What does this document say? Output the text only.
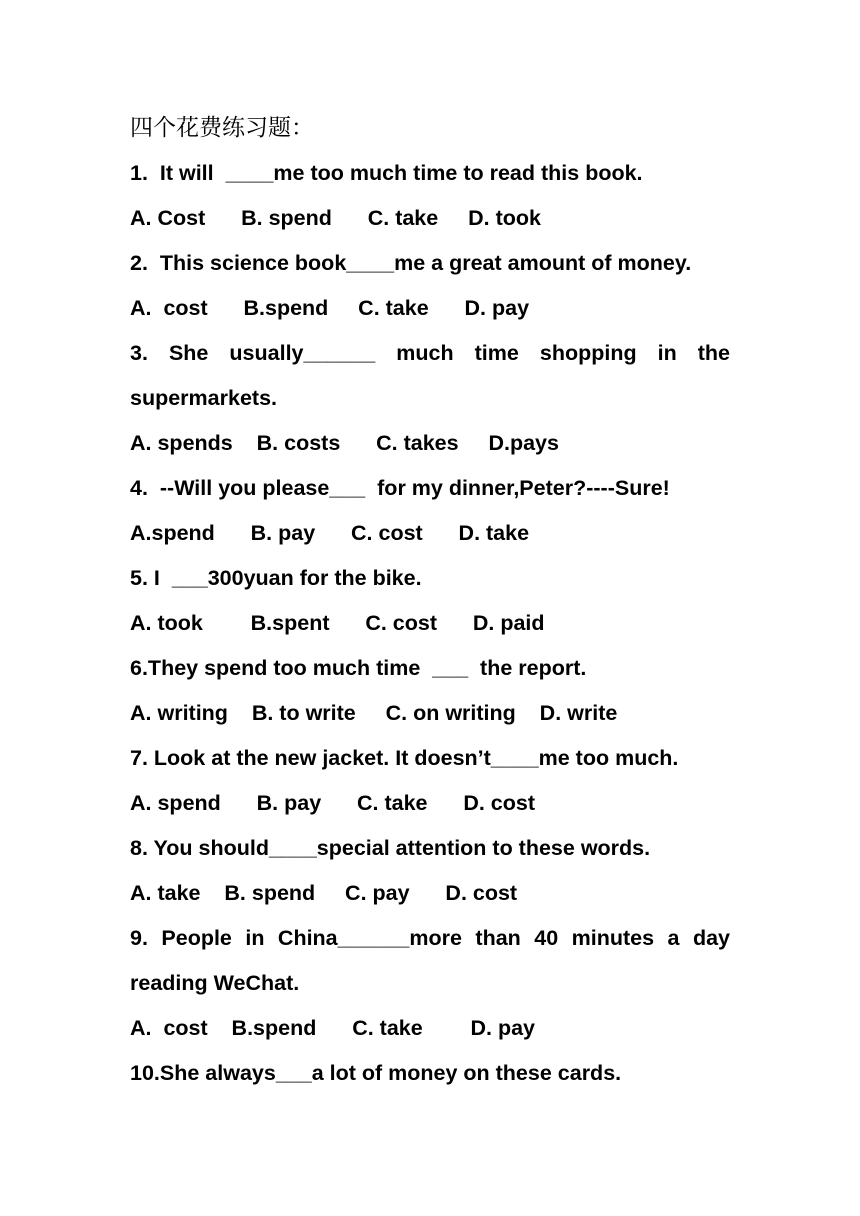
四个花费练习题：
1.  It will  ____me too much time to read this book.
A. Cost      B. spend      C. take     D. took
2.  This science book____me a great amount of money.
A.  cost      B.spend     C. take      D. pay
3. She usually______ much time shopping in the
supermarkets.
A. spends    B. costs      C. takes     D.pays
4.  --Will you please___  for my dinner,Peter?----Sure!
A.spend      B. pay      C. cost      D. take
5. I  ___300yuan for the bike.
A. took        B.spent      C. cost      D. paid
6.They spend too much time  ___  the report.
A. writing    B. to write     C. on writing    D. write
7. Look at the new jacket. It doesn’t____me too much.
A. spend      B. pay      C. take      D. cost
8. You should____special attention to these words.
A. take    B. spend     C. pay      D. cost
9. People in China______more than 40 minutes a day
reading WeChat.
A.  cost    B.spend      C. take        D. pay
10.She always___a lot of money on these cards.
